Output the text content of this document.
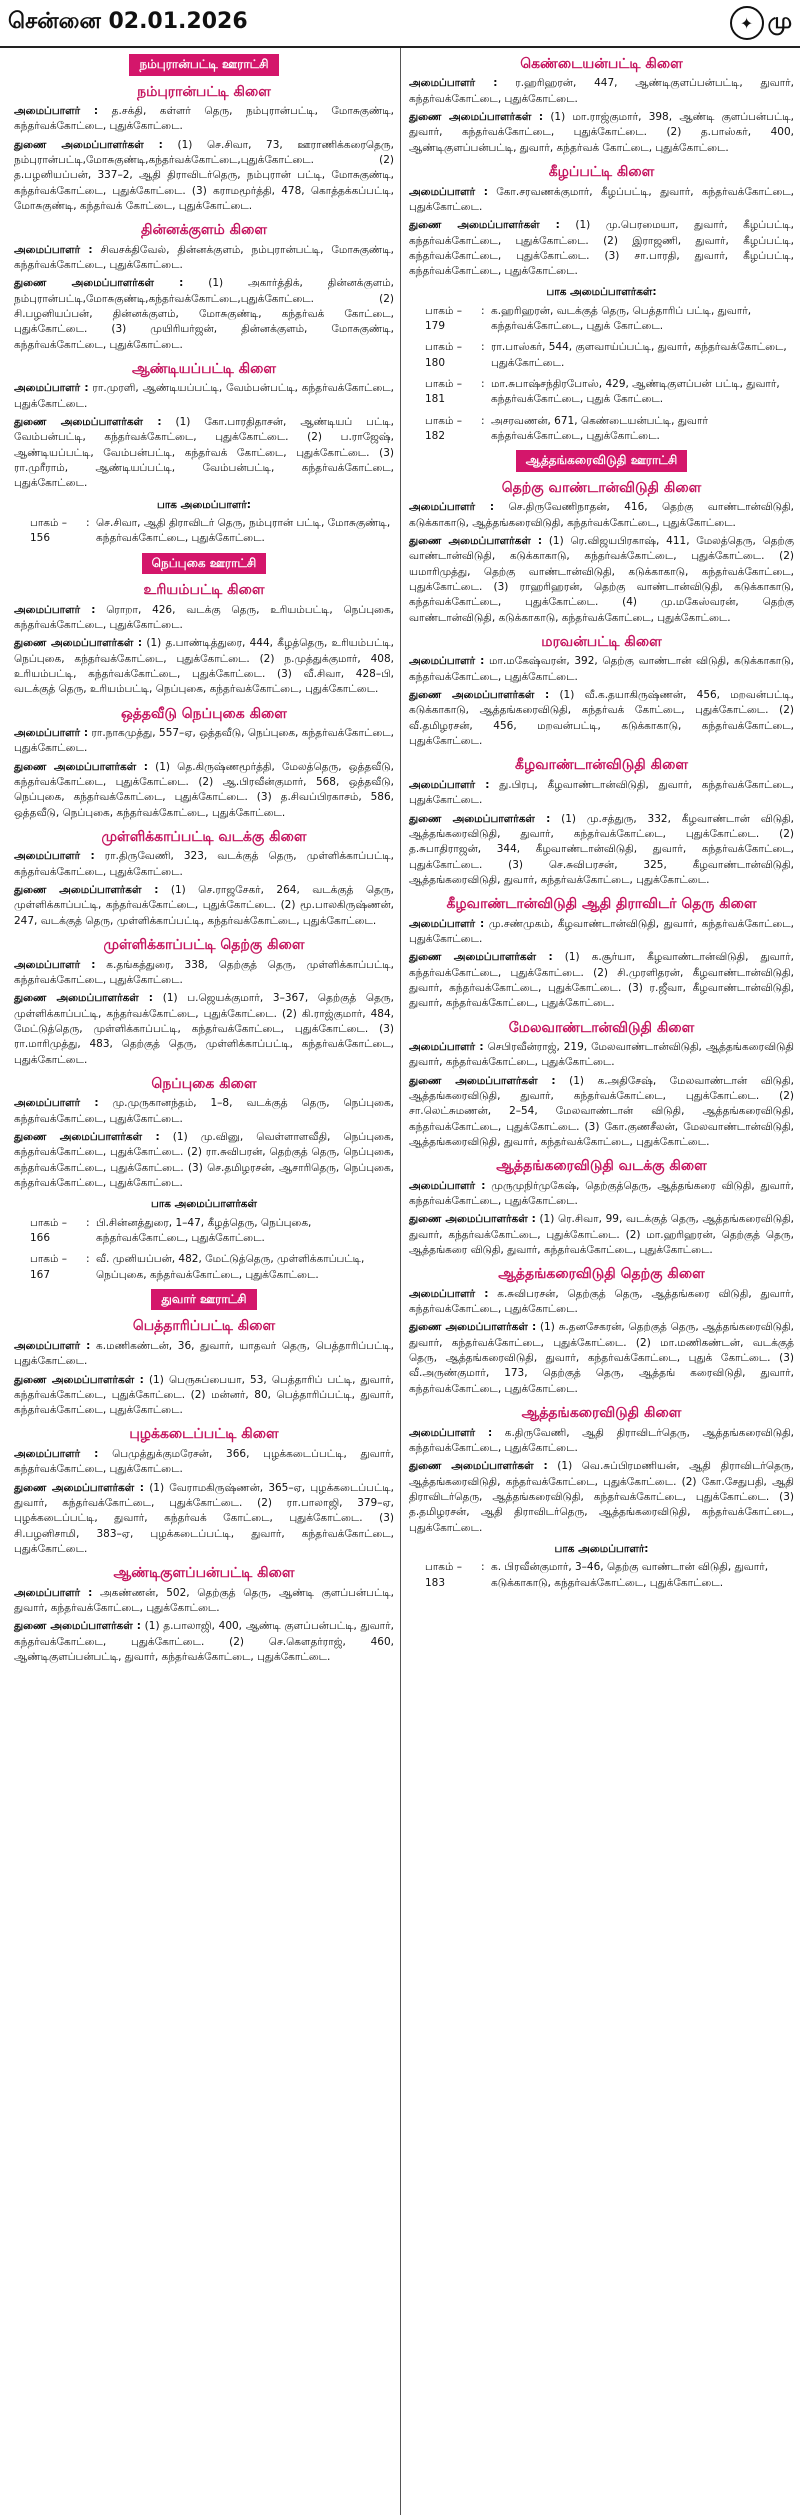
சென்னை 02.01.2026	✦ மு
நம்புரான்பட்டி ஊராட்சி
நம்புரான்பட்டி கிளை
அமைப்பாளர் : த.சக்தி, கள்ளர் தெரு, நம்புரான்பட்டி, மோசுகுண்டி, கந்தர்வக்கோட்டை, புதுக்கோட்டை.
துணை அமைப்பாளர்கள் : (1) செ.சிவா, 73, ஊராணிக்கரைதெரு, நம்புரான்பட்டி,மோசுகுண்டி,கந்தர்வக்கோட்டை,புதுக்கோட்டை. (2) த.பழனியப்பன், 337–2, ஆதி திராவிடர்தெரு, நம்புரான் பட்டி, மோசுகுண்டி, கந்தர்வக்கோட்டை, புதுக்கோட்டை. (3) கராமமூர்த்தி, 478, கொத்தக்கப்பட்டி, மோசுகுண்டி, கந்தர்வக் கோட்டை, புதுக்கோட்டை.
தின்னக்குளம் கிளை
அமைப்பாளர் : சிவசக்திவேல், தின்னக்குளம், நம்புரான்பட்டி, மோசுகுண்டி, கந்தர்வக்கோட்டை, புதுக்கோட்டை.
துணை அமைப்பாளர்கள் : (1) அகார்த்திக், தின்னக்குளம், நம்புரான்பட்டி,மோசுகுண்டி,கந்தர்வக்கோட்டை,புதுக்கோட்டை. (2) சி.பழனியப்பன், தின்னக்குளம், மோசுகுண்டி, கந்தர்வக் கோட்டை, புதுக்கோட்டை. (3) முயிரியர்ஜன், தின்னக்குளம், மோசுகுண்டி, கந்தர்வக்கோட்டை, புதுக்கோட்டை.
ஆண்டியப்பட்டி கிளை
அமைப்பாளர் : ரா.முரளி, ஆண்டியப்பட்டி, வேம்பன்பட்டி, கந்தர்வக்கோட்டை, புதுக்கோட்டை.
துணை அமைப்பாளர்கள் : (1) கோ.பாரதிதாசன், ஆண்டியப் பட்டி, வேம்பன்பட்டி, கந்தர்வக்கோட்டை, புதுக்கோட்டை. (2) ப.ராஜேஷ், ஆண்டியப்பட்டி, வேம்பன்பட்டி, கந்தர்வக் கோட்டை, புதுக்கோட்டை. (3) ரா.முரீராம், ஆண்டியப்பட்டி, வேம்பன்பட்டி, கந்தர்வக்கோட்டை, புதுக்கோட்டை.
பாக அமைப்பாளர்:
பாகம் – 156
: செ.சிவா, ஆதி திராவிடர் தெரு, நம்புரான் பட்டி, மோசுகுண்டி, கந்தர்வக்கோட்டை, புதுக்கோட்டை.
நெப்புகை ஊராட்சி
உரியம்பட்டி கிளை
அமைப்பாளர் : ரொறா, 426, வடக்கு தெரு, உரியம்பட்டி, நெப்புகை, கந்தர்வக்கோட்டை, புதுக்கோட்டை.
துணை அமைப்பாளர்கள் : (1) த.பாண்டித்துரை, 444, கீழத்தெரு, உரியம்பட்டி, நெப்புகை, கந்தர்வக்கோட்டை, புதுக்கோட்டை. (2) ந.முத்துக்குமார், 408, உரியம்பட்டி, கந்தர்வக்கோட்டை, புதுக்கோட்டை. (3) வீ.சிவா, 428–பி, வடக்குத் தெரு, உரியம்பட்டி, நெப்புகை, கந்தர்வக்கோட்டை, புதுக்கோட்டை.
ஒத்தவீடு நெப்புகை கிளை
அமைப்பாளர் : ரா.நாகமுத்து, 557–ஏ, ஒத்தவீடு, நெப்புகை, கந்தர்வக்கோட்டை, புதுக்கோட்டை.
துணை அமைப்பாளர்கள் : (1) தெ.கிருஷ்ணமூர்த்தி, மேலத்தெரு, ஒத்தவீடு, கந்தர்வக்கோட்டை, புதுக்கோட்டை. (2) ஆ.பிரவீன்குமார், 568, ஒத்தவீடு, நெப்புகை, கந்தர்வக்கோட்டை, புதுக்கோட்டை. (3) த.சிவப்பிரகாசம், 586, ஒத்தவீடு, நெப்புகை, கந்தர்வக்கோட்டை, புதுக்கோட்டை.
முள்ளிக்காப்பட்டி வடக்கு கிளை
அமைப்பாளர் : ரா.திருவேணி, 323, வடக்குத் தெரு, முள்ளிக்காப்பட்டி, கந்தர்வக்கோட்டை, புதுக்கோட்டை.
துணை அமைப்பாளர்கள் : (1) செ.ராஜசேகர், 264, வடக்குத் தெரு, முள்ளிக்காப்பட்டி, கந்தர்வக்கோட்டை, புதுக்கோட்டை. (2) மூ.பாலகிருஷ்ணன், 247, வடக்குத் தெரு, முள்ளிக்காப்பட்டி, கந்தர்வக்கோட்டை, புதுக்கோட்டை.
முள்ளிக்காப்பட்டி தெற்கு கிளை
அமைப்பாளர் : க.தங்கத்துரை, 338, தெற்குத் தெரு, முள்ளிக்காப்பட்டி, கந்தர்வக்கோட்டை, புதுக்கோட்டை.
துணை அமைப்பாளர்கள் : (1) ப.ஜெயக்குமார், 3–367, தெற்குத் தெரு, முள்ளிக்காப்பட்டி, கந்தர்வக்கோட்டை, புதுக்கோட்டை. (2) கி.ராஜ்குமார், 484, மேட்டுத்தெரு, முள்ளிக்காப்பட்டி, கந்தர்வக்கோட்டை, புதுக்கோட்டை. (3) ரா.மாரிமுத்து, 483, தெற்குத் தெரு, முள்ளிக்காப்பட்டி, கந்தர்வக்கோட்டை, புதுக்கோட்டை.
நெப்புகை கிளை
அமைப்பாளர் : மு.முருகானந்தம், 1–8, வடக்குத் தெரு, நெப்புகை, கந்தர்வக்கோட்டை, புதுக்கோட்டை.
துணை அமைப்பாளர்கள் : (1) மு.வினு, வெள்ளாளவீதி, நெப்புகை, கந்தர்வக்கோட்டை, புதுக்கோட்டை. (2) ரா.சுவிபரன், தெற்குத் தெரு, நெப்புகை, கந்தர்வக்கோட்டை, புதுக்கோட்டை. (3) செ.தமிழரசன், ஆசாரிதெரு, நெப்புகை, கந்தர்வக்கோட்டை, புதுக்கோட்டை.
பாக அமைப்பாளர்கள்
பாகம் – 166
: பி.சின்னத்துரை, 1–47, கீழத்தெரு, நெப்புகை, கந்தர்வக்கோட்டை, புதுக்கோட்டை.
பாகம் – 167
: வீ. முனியப்பன், 482, மேட்டுத்தெரு, முள்ளிக்காப்பட்டி, நெப்புகை, கந்தர்வக்கோட்டை, புதுக்கோட்டை.
துவார் ஊராட்சி
பெத்தாரிப்பட்டி கிளை
அமைப்பாளர் : க.மணிகண்டன், 36, துவார், யாதவர் தெரு, பெத்தாரிப்பட்டி, புதுக்கோட்டை.
துணை அமைப்பாளர்கள் : (1) பெருசுப்பையா, 53, பெத்தாரிப் பட்டி, துவார், கந்தர்வக்கோட்டை, புதுக்கோட்டை. (2) மன்னர், 80, பெத்தாரிப்பட்டி, துவார், கந்தர்வக்கோட்டை, புதுக்கோட்டை.
புழக்கடைப்பட்டி கிளை
அமைப்பாளர் : பெமுத்துக்குமரேசன், 366, புழக்கடைப்பட்டி, துவார், கந்தர்வக்கோட்டை, புதுக்கோட்டை.
துணை அமைப்பாளர்கள் : (1) வேராமகிருஷ்ணன், 365–ஏ, புழக்கடைப்பட்டி, துவார், கந்தர்வக்கோட்டை, புதுக்கோட்டை. (2) ரா.பாலாஜி, 379–ஏ, புழக்கடைப்பட்டி, துவார், கந்தர்வக் கோட்டை, புதுக்கோட்டை. (3) சி.பழனிசாமி, 383–ஏ, புழக்கடைப்பட்டி, துவார், கந்தர்வக்கோட்டை, புதுக்கோட்டை.
ஆண்டிகுளப்பன்பட்டி கிளை
அமைப்பாளர் : அகண்ணன், 502, தெற்குத் தெரு, ஆண்டி குளப்பன்பட்டி, துவார், கந்தர்வக்கோட்டை, புதுக்கோட்டை.
துணை அமைப்பாளர்கள் : (1) த.பாலாஜி, 400, ஆண்டி குளப்பன்பட்டி, துவார், கந்தர்வக்கோட்டை, புதுக்கோட்டை. (2) செ.கௌதர்ராஜ், 460, ஆண்டிகுளப்பன்பட்டி, துவார், கந்தர்வக்கோட்டை, புதுக்கோட்டை.
கெண்டையன்பட்டி கிளை
அமைப்பாளர் : ர.ஹரிஹரன், 447, ஆண்டிகுளப்பன்பட்டி, துவார், கந்தர்வக்கோட்டை, புதுக்கோட்டை.
துணை அமைப்பாளர்கள் : (1) மா.ராஜ்குமார், 398, ஆண்டி குளப்பன்பட்டி, துவார், கந்தர்வக்கோட்டை, புதுக்கோட்டை. (2) த.பாஸ்கர், 400, ஆண்டிகுளப்பன்பட்டி, துவார், கந்தர்வக் கோட்டை, புதுக்கோட்டை.
கீழப்பட்டி கிளை
அமைப்பாளர் : கோ.சரவணக்குமார், கீழப்பட்டி, துவார், கந்தர்வக்கோட்டை, புதுக்கோட்டை.
துணை அமைப்பாளர்கள் : (1) மு.பெரமையா, துவார், கீழப்பட்டி, கந்தர்வக்கோட்டை, புதுக்கோட்டை. (2) இராஜணி, துவார், கீழப்பட்டி, கந்தர்வக்கோட்டை, புதுக்கோட்டை. (3) சா.பாரதி, துவார், கீழப்பட்டி, கந்தர்வக்கோட்டை, புதுக்கோட்டை.
பாக அமைப்பாளர்கள்:
பாகம் – 179
: க.ஹரிஹரன், வடக்குத் தெரு, பெத்தாரிப் பட்டி, துவார், கந்தர்வக்கோட்டை, புதுக் கோட்டை.
பாகம் – 180
: ரா.பாஸ்கர், 544, குளவாய்ப்பட்டி, துவார், கந்தர்வக்கோட்டை, புதுக்கோட்டை.
பாகம் – 181
: மா.சுபாஷ்சந்திரபோஸ், 429, ஆண்டிகுளப்பன் பட்டி, துவார், கந்தர்வக்கோட்டை, புதுக் கோட்டை.
பாகம் – 182
: அசரவணன், 671, கெண்டையன்பட்டி, துவார் கந்தர்வக்கோட்டை, புதுக்கோட்டை.
ஆத்தங்கரைவிடுதி ஊராட்சி
தெற்கு வாண்டான்விடுதி கிளை
அமைப்பாளர் : செ.திருவேணிநாதன், 416, தெற்கு வாண்டான்விடுதி, கடுக்காகாடு, ஆத்தங்கரைவிடுதி, கந்தர்வக்கோட்டை, புதுக்கோட்டை.
துணை அமைப்பாளர்கள் : (1) ரெ.விஜயபிரகாஷ், 411, மேலத்தெரு, தெற்கு வாண்டான்விடுதி, கடுக்காகாடு, கந்தர்வக்கோட்டை, புதுக்கோட்டை. (2) யமாரிமுத்து, தெற்கு வாண்டான்விடுதி, கடுக்காகாடு, கந்தர்வக்கோட்டை, புதுக்கோட்டை. (3) ராஹரிஹரன், தெற்கு வாண்டான்விடுதி, கடுக்காகாடு, கந்தர்வக்கோட்டை, புதுக்கோட்டை. (4) மு.மகேஸ்வரன், தெற்கு வாண்டான்விடுதி, கடுக்காகாடு, கந்தர்வக்கோட்டை, புதுக்கோட்டை.
மரவன்பட்டி கிளை
அமைப்பாளர் : மா.மகேஷ்வரன், 392, தெற்கு வாண்டான் விடுதி, கடுக்காகாடு, கந்தர்வக்கோட்டை, புதுக்கோட்டை.
துணை அமைப்பாளர்கள் : (1) வீ.க.தயாகிருஷ்ணன், 456, மறவன்பட்டி, கடுக்காகாடு, ஆத்தங்கரைவிடுதி, கந்தர்வக் கோட்டை, புதுக்கோட்டை. (2) வீ.தமிழரசன், 456, மறவன்பட்டி, கடுக்காகாடு, கந்தர்வக்கோட்டை, புதுக்கோட்டை.
கீழவாண்டான்விடுதி கிளை
அமைப்பாளர் : து.பிரபு, கீழவாண்டான்விடுதி, துவார், கந்தர்வக்கோட்டை, புதுக்கோட்டை.
துணை அமைப்பாளர்கள் : (1) மு.சத்துரு, 332, கீழவாண்டான் விடுதி, ஆத்தங்கரைவிடுதி, துவார், கந்தர்வக்கோட்டை, புதுக்கோட்டை. (2) த.சுபாதிராஜன், 344, கீழவாண்டான்விடுதி, துவார், கந்தர்வக்கோட்டை, புதுக்கோட்டை. (3) செ.சுவிபரசன், 325, கீழவாண்டான்விடுதி, ஆத்தங்கரைவிடுதி, துவார், கந்தர்வக்கோட்டை, புதுக்கோட்டை.
கீழவாண்டான்விடுதி ஆதி திராவிடர் தெரு கிளை
அமைப்பாளர் : மு.சண்முகம், கீழவாண்டான்விடுதி, துவார், கந்தர்வக்கோட்டை, புதுக்கோட்டை.
துணை அமைப்பாளர்கள் : (1) க.சூர்யா, கீழவாண்டான்விடுதி, துவார், கந்தர்வக்கோட்டை, புதுக்கோட்டை. (2) சி.முரளிதரன், கீழவாண்டான்விடுதி, துவார், கந்தர்வக்கோட்டை, புதுக்கோட்டை. (3) ர.ஜீவா, கீழவாண்டான்விடுதி, துவார், கந்தர்வக்கோட்டை, புதுக்கோட்டை.
மேலவாண்டான்விடுதி கிளை
அமைப்பாளர் : செபிரவீன்ராஜ், 219, மேலவாண்டான்விடுதி, ஆத்தங்கரைவிடுதி துவார், கந்தர்வக்கோட்டை, புதுக்கோட்டை.
துணை அமைப்பாளர்கள் : (1) க.அதிசேஷ், மேலவாண்டான் விடுதி, ஆத்தங்கரைவிடுதி, துவார், கந்தர்வக்கோட்டை, புதுக்கோட்டை. (2) சா.லெட்சுமணன், 2–54, மேலவாண்டான் விடுதி, ஆத்தங்கரைவிடுதி, கந்தர்வக்கோட்டை, புதுக்கோட்டை. (3) கோ.குணசீலன், மேலவாண்டான்விடுதி, ஆத்தங்கரைவிடுதி, துவார், கந்தர்வக்கோட்டை, புதுக்கோட்டை.
ஆத்தங்கரைவிடுதி வடக்கு கிளை
அமைப்பாளர் : முருமுநிர்முகேஷ், தெற்குத்தெரு, ஆத்தங்கரை விடுதி, துவார், கந்தர்வக்கோட்டை, புதுக்கோட்டை.
துணை அமைப்பாளர்கள் : (1) ரெ.சிவா, 99, வடக்குத் தெரு, ஆத்தங்கரைவிடுதி, துவார், கந்தர்வக்கோட்டை, புதுக்கோட்டை. (2) மா.ஹரிஹரன், தெற்குத் தெரு, ஆத்தங்கரை விடுதி, துவார், கந்தர்வக்கோட்டை, புதுக்கோட்டை.
ஆத்தங்கரைவிடுதி தெற்கு கிளை
அமைப்பாளர் : க.சுவிபரசன், தெற்குத் தெரு, ஆத்தங்கரை விடுதி, துவார், கந்தர்வக்கோட்டை, புதுக்கோட்டை.
துணை அமைப்பாளர்கள் : (1) சு.தனசேகரன், தெற்குத் தெரு, ஆத்தங்கரைவிடுதி, துவார், கந்தர்வக்கோட்டை, புதுக்கோட்டை. (2) மா.மணிகண்டன், வடக்குத் தெரு, ஆத்தங்கரைவிடுதி, துவார், கந்தர்வக்கோட்டை, புதுக் கோட்டை. (3) வீ.அருண்குமார், 173, தெற்குத் தெரு, ஆத்தங் கரைவிடுதி, துவார், கந்தர்வக்கோட்டை, புதுக்கோட்டை.
ஆத்தங்கரைவிடுதி கிளை
அமைப்பாளர் : க.திருவேணி, ஆதி திராவிடர்தெரு, ஆத்தங்கரைவிடுதி, கந்தர்வக்கோட்டை, புதுக்கோட்டை.
துணை அமைப்பாளர்கள் : (1) வெ.சுப்பிரமணியன், ஆதி திராவிடர்தெரு, ஆத்தங்கரைவிடுதி, கந்தர்வக்கோட்டை, புதுக்கோட்டை. (2) கோ.சேதுபதி, ஆதி திராவிடர்தெரு, ஆத்தங்கரைவிடுதி, கந்தர்வக்கோட்டை, புதுக்கோட்டை. (3) த.தமிழரசன், ஆதி திராவிடர்தெரு, ஆத்தங்கரைவிடுதி, கந்தர்வக்கோட்டை, புதுக்கோட்டை.
பாக அமைப்பாளர்:
பாகம் – 183
: க. பிரவீன்குமார், 3–46, தெற்கு வாண்டான் விடுதி, துவார், கடுக்காகாடு, கந்தர்வக்கோட்டை, புதுக்கோட்டை.
